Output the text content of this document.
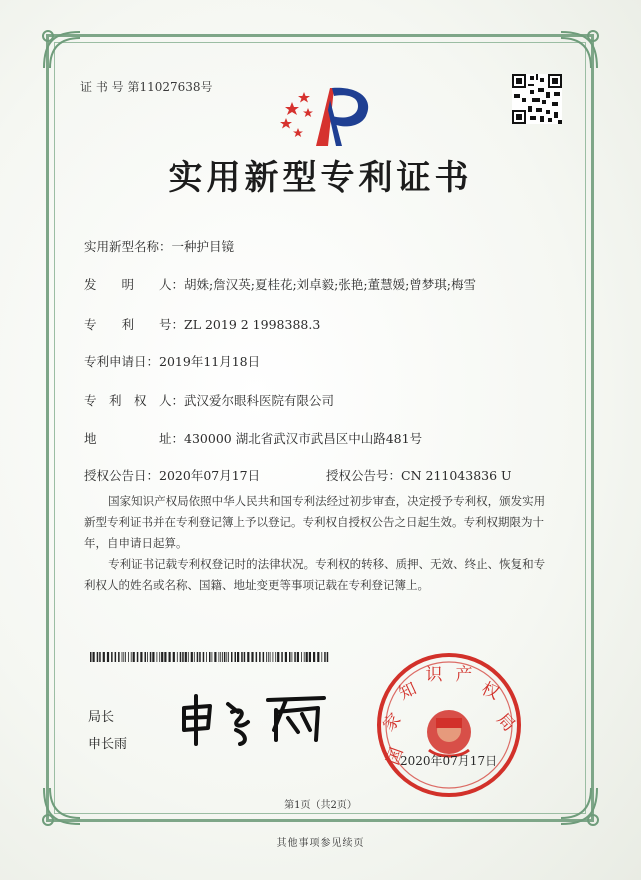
证 书 号 第11027638号
实用新型专利证书
实用新型名称：一种护目镜
发　　明　　人：胡姝;詹汉英;夏桂花;刘卓毅;张艳;董慧媛;曾梦琪;梅雪
专　　利　　号：ZL 2019 2 1998388.3
专利申请日：2019年11月18日
专　利　权　人：武汉爱尔眼科医院有限公司
地　　　　　址：430000 湖北省武汉市武昌区中山路481号
授权公告日：2020年07月17日	授权公告号：CN 211043836 U

国家知识产权局依照中华人民共和国专利法经过初步审查，决定授予专利权，颁发实用

新型专利证书并在专利登记簿上予以登记。专利权自授权公告之日起生效。专利权期限为十

年，自申请日起算。

专利证书记载专利权登记时的法律状况。专利权的转移、质押、无效、终止、恢复和专

利权人的姓名或名称、国籍、地址变更等事项记载在专利登记簿上。

局长
申长雨
国
家
知
识 产
权
局
2020年07月17日
第1页（共2页）
其他事项参见续页
